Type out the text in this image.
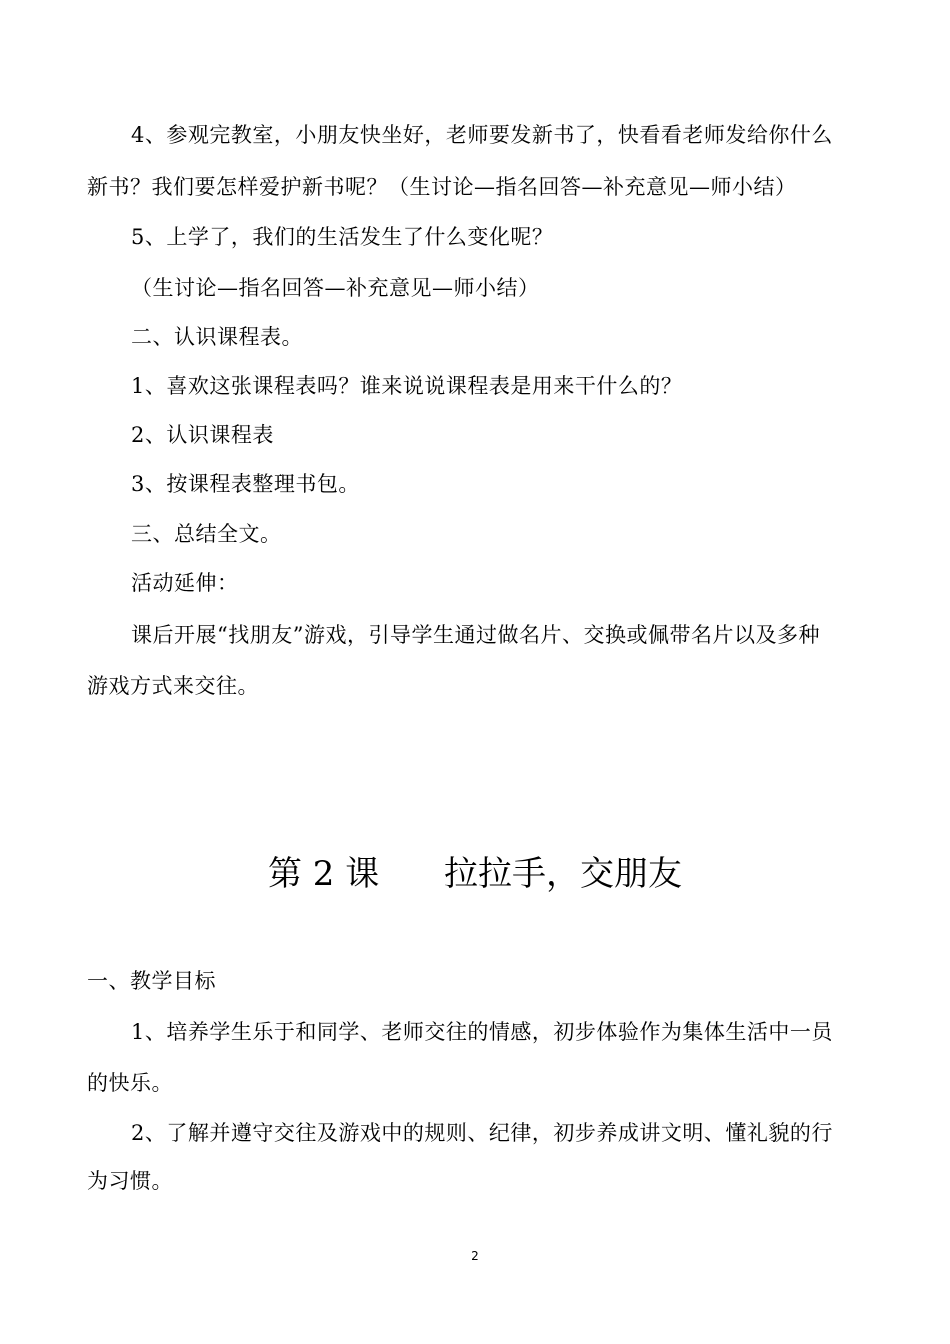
4、参观完教室，小朋友快坐好，老师要发新书了，快看看老师发给你什么
新书？我们要怎样爱护新书呢？（生讨论—指名回答—补充意见—师小结）
5、上学了，我们的生活发生了什么变化呢？
（生讨论—指名回答—补充意见—师小结）
二、认识课程表。
1、喜欢这张课程表吗？谁来说说课程表是用来干什么的？
2、认识课程表
3、按课程表整理书包。
三、总结全文。
活动延伸：
课后开展“找朋友”游戏，引导学生通过做名片、交换或佩带名片以及多种
游戏方式来交往。
第 2 课      拉拉手，交朋友
一、教学目标
1、培养学生乐于和同学、老师交往的情感，初步体验作为集体生活中一员
的快乐。
2、了解并遵守交往及游戏中的规则、纪律，初步养成讲文明、懂礼貌的行
为习惯。
2
